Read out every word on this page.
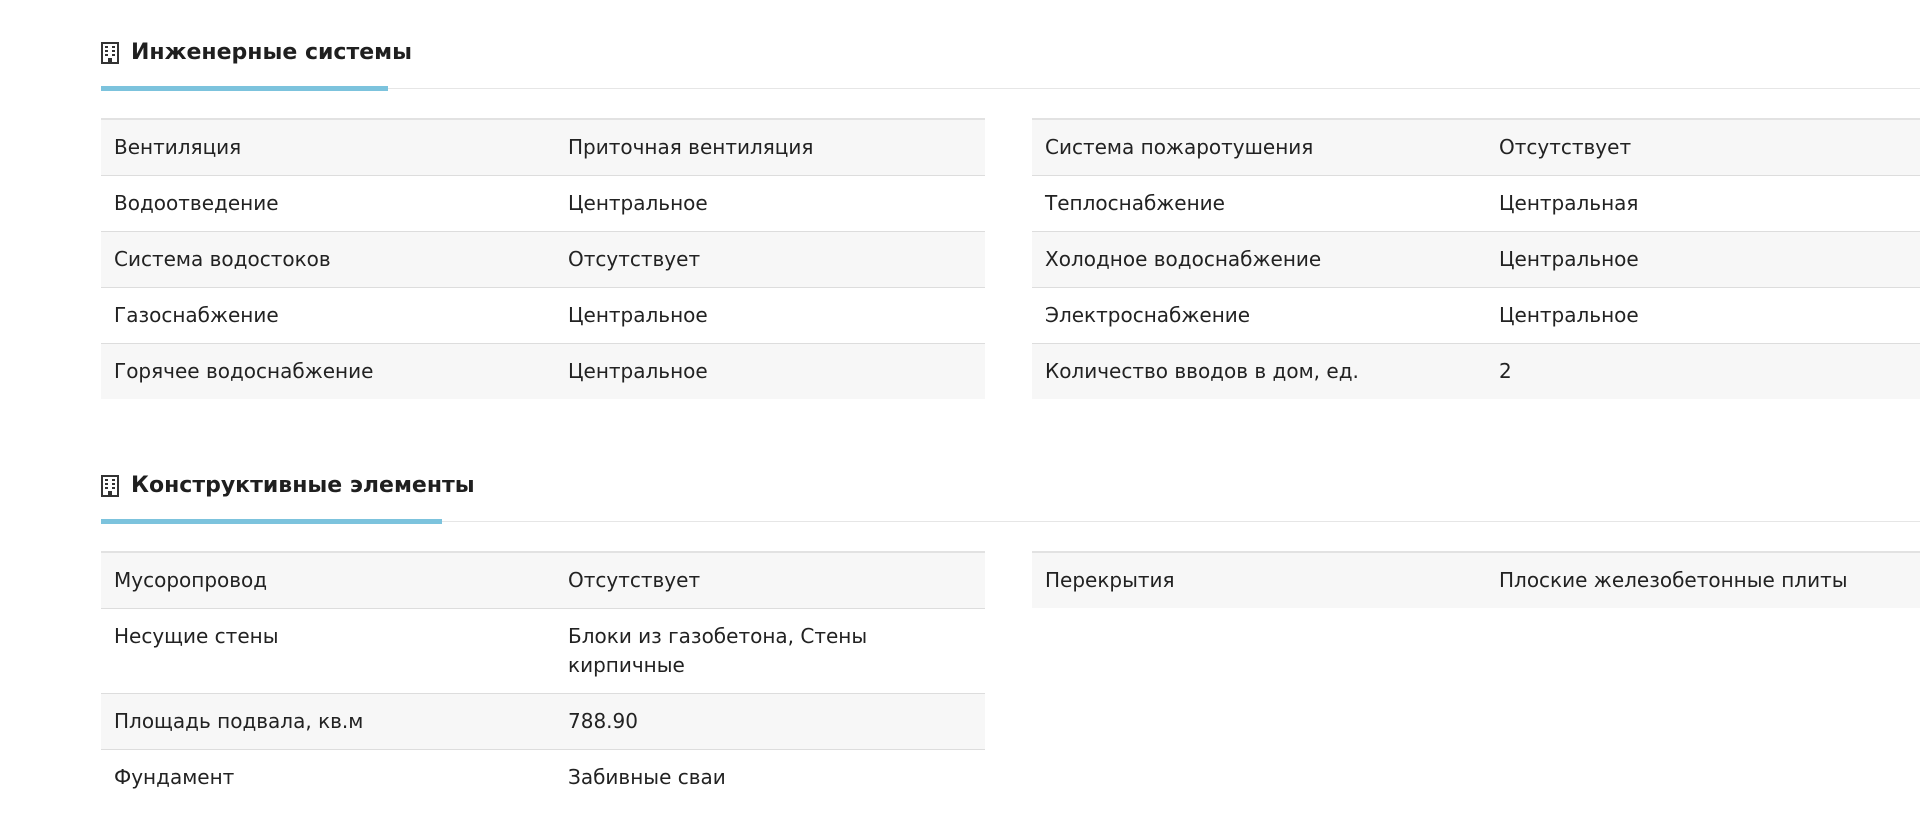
Инженерные системы
Вентиляция	Приточная вентиляция
Водоотведение	Центральное
Система водостоков	Отсутствует
Газоснабжение	Центральное
Горячее водоснабжение	Центральное
Система пожаротушения	Отсутствует
Теплоснабжение	Центральная
Холодное водоснабжение	Центральное
Электроснабжение	Центральное
Количество вводов в дом, ед.	2
Конструктивные элементы
Мусоропровод	Отсутствует
Несущие стены	Блоки из газобетона, Стены кирпичные
Площадь подвала, кв.м	788.90
Фундамент	Забивные сваи
Перекрытия	Плоские железобетонные плиты
